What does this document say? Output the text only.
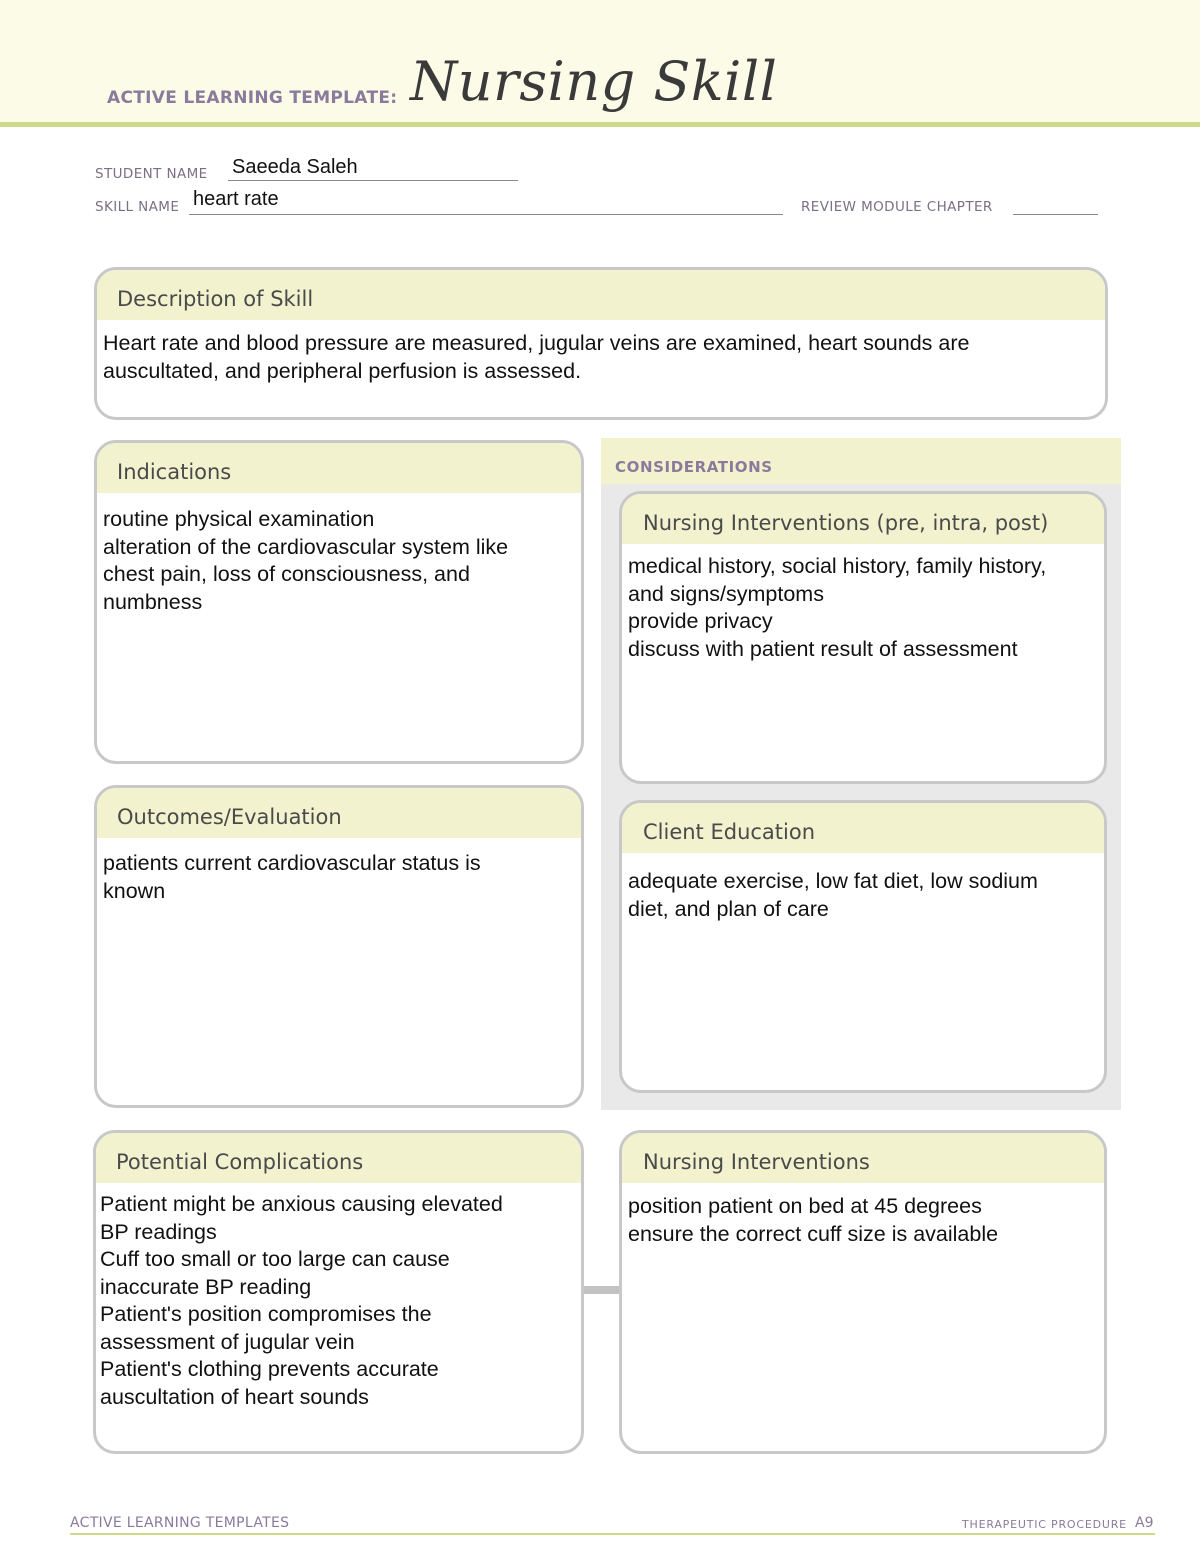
ACTIVE LEARNING TEMPLATE: Nursing Skill
STUDENT NAME Saeeda Saleh
SKILL NAME heart rate	REVIEW MODULE CHAPTER
Description of Skill
Heart rate and blood pressure are measured, jugular veins are examined, heart sounds are
auscultated, and peripheral perfusion is assessed.
Indications
routine physical examination
alteration of the cardiovascular system like
chest pain, loss of consciousness, and
numbness
CONSIDERATIONS
Nursing Interventions (pre, intra, post)
medical history, social history, family history,
and signs/symptoms
provide privacy
discuss with patient result of assessment
Outcomes/Evaluation
patients current cardiovascular status is
known
Client Education
adequate exercise, low fat diet, low sodium
diet, and plan of care
Potential Complications
Patient might be anxious causing elevated
BP readings
Cuff too small or too large can cause
inaccurate BP reading
Patient's position compromises the
assessment of jugular vein
Patient's clothing prevents accurate
auscultation of heart sounds
Nursing Interventions
position patient on bed at 45 degrees
ensure the correct cuff size is available
ACTIVE LEARNING TEMPLATES	THERAPEUTIC PROCEDURE A9
